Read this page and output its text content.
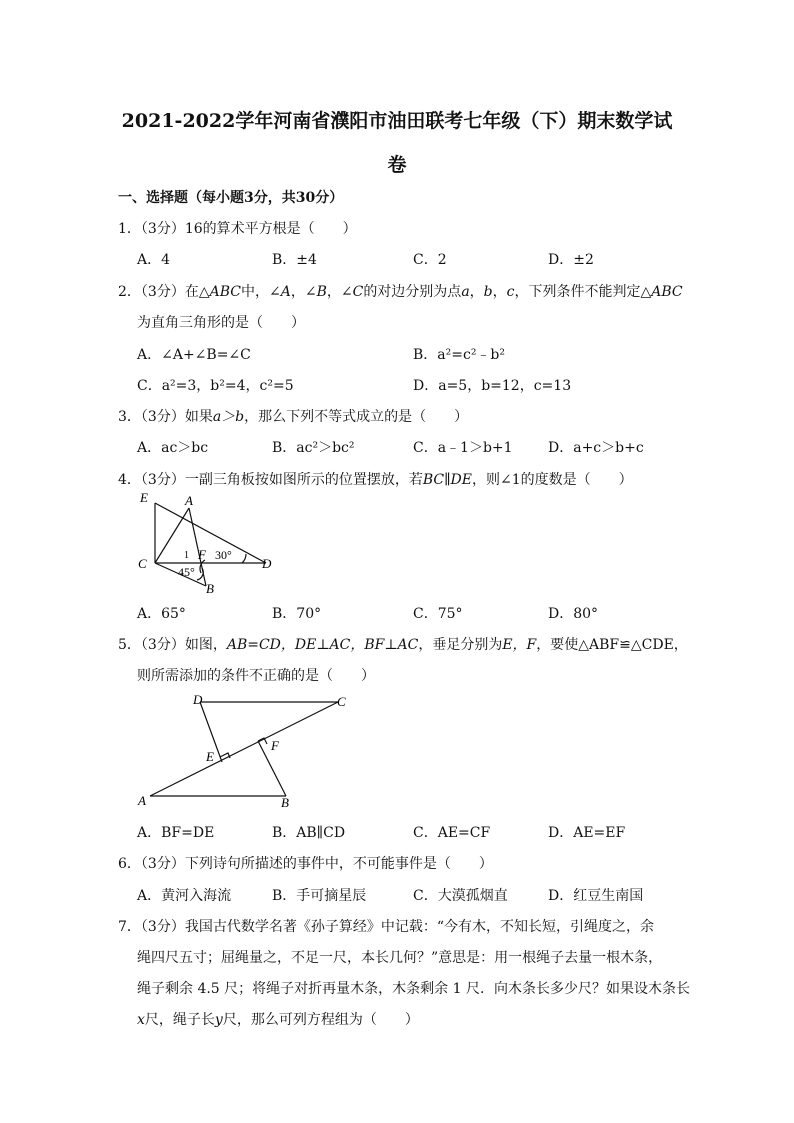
2021-2022学年河南省濮阳市油田联考七年级（下）期末数学试
卷
一、选择题（每小题3分，共30分）
1．（3分）16的算术平方根是（　　）
A．4	B．±4	C．2	D．±2
2．（3分）在△ABC中，∠A，∠B，∠C的对边分别为点a，b，c，下列条件不能判定△ABC
为直角三角形的是（　　）
A．∠A+∠B=∠C	B．a²=c²﹣b²
C．a²=3，b²=4，c²=5	D．a=5，b=12，c=13
3．（3分）如果a＞b，那么下列不等式成立的是（　　）
A．ac＞bc	B．ac²＞bc²	C．a﹣1＞b+1	D．a+c＞b+c
4．（3分）一副三角板按如图所示的位置摆放，若BC∥DE，则∠1的度数是（　　）
E	A
C	D
F
B
1 30°
45°
A．65°	B．70°	C．75°	D．80°
5．（3分）如图，AB=CD，DE⊥AC，BF⊥AC，垂足分别为E，F，要使△ABF≌△CDE，
则所需添加的条件不正确的是（　　）
D	C
E
F
A	B
A．BF=DE	B．AB∥CD	C．AE=CF	D．AE=EF
6．（3分）下列诗句所描述的事件中，不可能事件是（　　）
A．黄河入海流	B．手可摘星辰	C．大漠孤烟直	D．红豆生南国
7．（3分）我国古代数学名著《孙子算经》中记载：“今有木，不知长短，引绳度之，余
绳四尺五寸；屈绳量之，不足一尺，本长几何？”意思是：用一根绳子去量一根木条，
绳子剩余 4.5 尺；将绳子对折再量木条，木条剩余 1 尺．向木条长多少尺？如果设木条长
x尺，绳子长y尺，那么可列方程组为（　　）
